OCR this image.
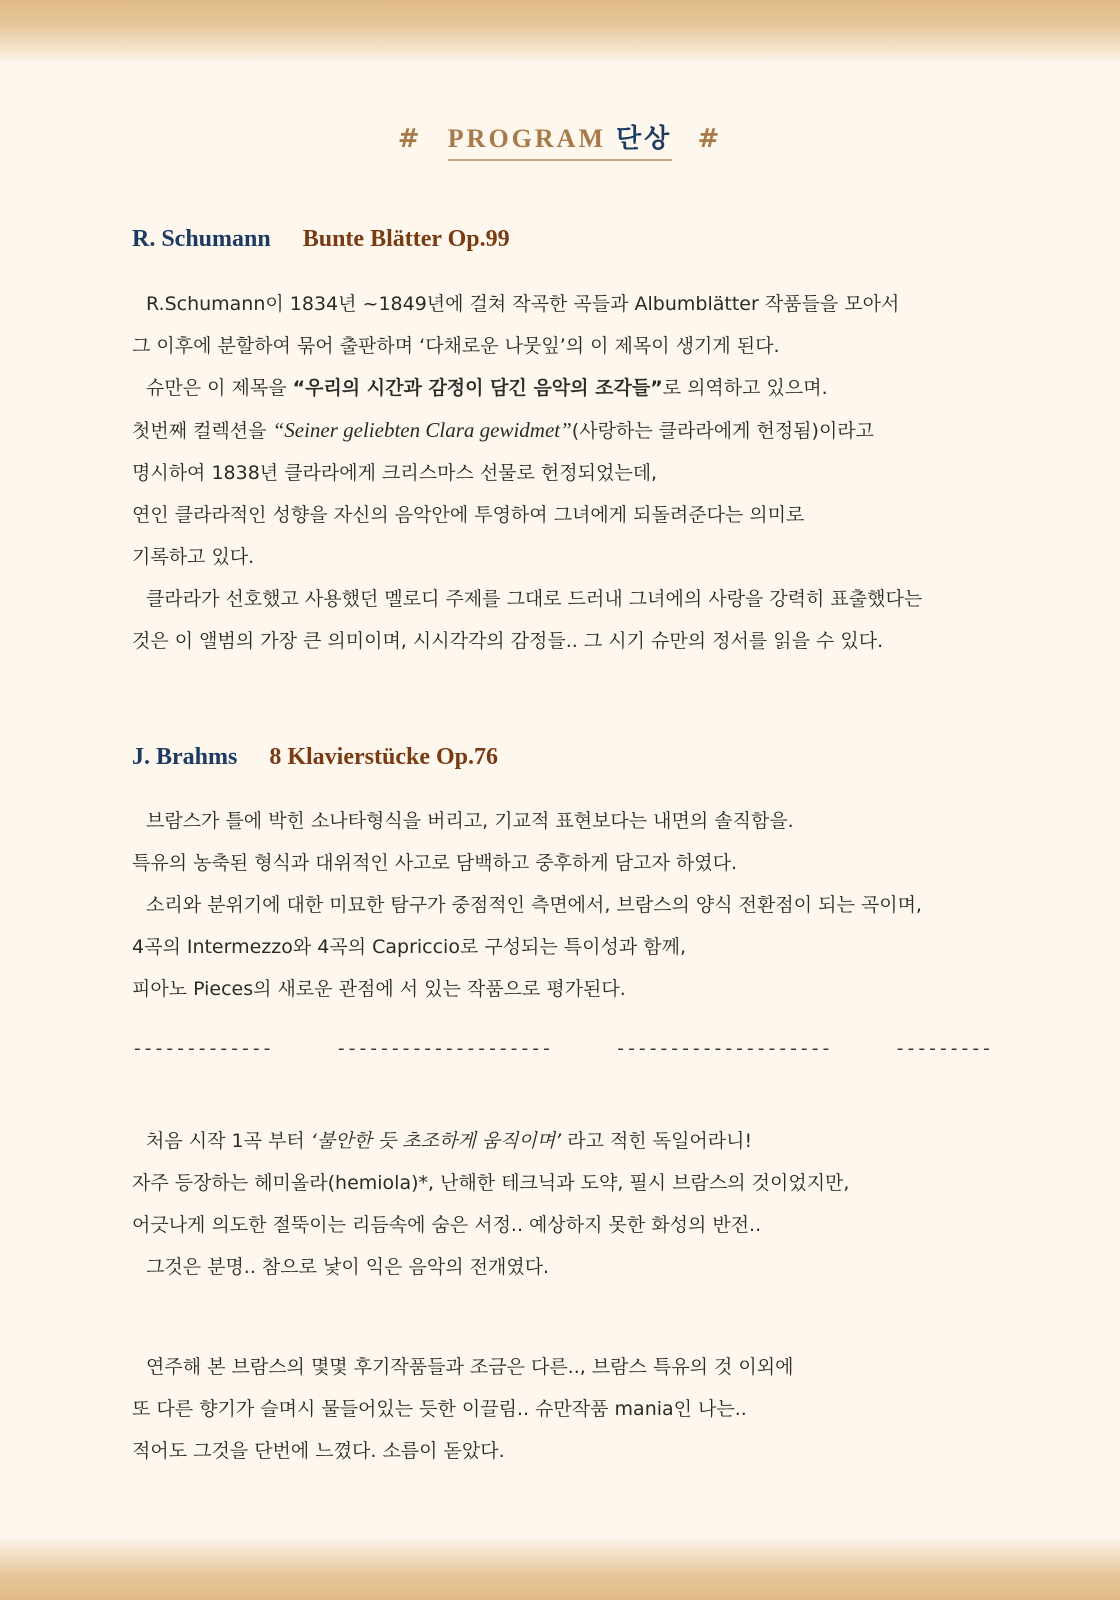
# PROGRAM 단상 #
R. Schumann Bunte Blätter Op.99

R.Schumann이 1834년 ~1849년에 걸쳐 작곡한 곡들과 Albumblätter 작품들을 모아서

그 이후에 분할하여 묶어 출판하며 ‘다채로운 나뭇잎’의 이 제목이 생기게 된다.

슈만은 이 제목을 “우리의 시간과 감정이 담긴 음악의 조각들”로 의역하고 있으며.

첫번째 컬렉션을 “Seiner geliebten Clara gewidmet”(사랑하는 클라라에게 헌정됨)이라고

명시하여 1838년 클라라에게 크리스마스 선물로 헌정되었는데,

연인 클라라적인 성향을 자신의 음악안에 투영하여 그녀에게 되돌려준다는 의미로

기록하고 있다.

클라라가 선호했고 사용했던 멜로디 주제를 그대로 드러내 그녀에의 사랑을 강력히 표출했다는

것은 이 앨범의 가장 큰 의미이며, 시시각각의 감정들.. 그 시기 슈만의 정서를 읽을 수 있다.

J. Brahms 8 Klavierstücke Op.76

브람스가 틀에 박힌 소나타형식을 버리고, 기교적 표현보다는 내면의 솔직함을.

특유의 농축된 형식과 대위적인 사고로 담백하고 중후하게 담고자 하였다.

소리와 분위기에 대한 미묘한 탐구가 중점적인 측면에서, 브람스의 양식 전환점이 되는 곡이며,

4곡의 Intermezzo와 4곡의 Capriccio로 구성되는 특이성과 함께,

피아노 Pieces의 새로운 관점에 서 있는 작품으로 평가된다.

-------------	--------------------	--------------------	---------

처음 시작 1곡 부터 ‘불안한 듯 초조하게 움직이며’ 라고 적힌 독일어라니!

자주 등장하는 헤미올라(hemiola)*, 난해한 테크닉과 도약, 필시 브람스의 것이었지만,

어긋나게 의도한 절뚝이는 리듬속에 숨은 서정.. 예상하지 못한 화성의 반전..

그것은 분명.. 참으로 낯이 익은 음악의 전개였다.

연주해 본 브람스의 몇몇 후기작품들과 조금은 다른.., 브람스 특유의 것 이외에

또 다른 향기가 슬며시 물들어있는 듯한 이끌림.. 슈만작품 mania인 나는..

적어도 그것을 단번에 느꼈다. 소름이 돋았다.
